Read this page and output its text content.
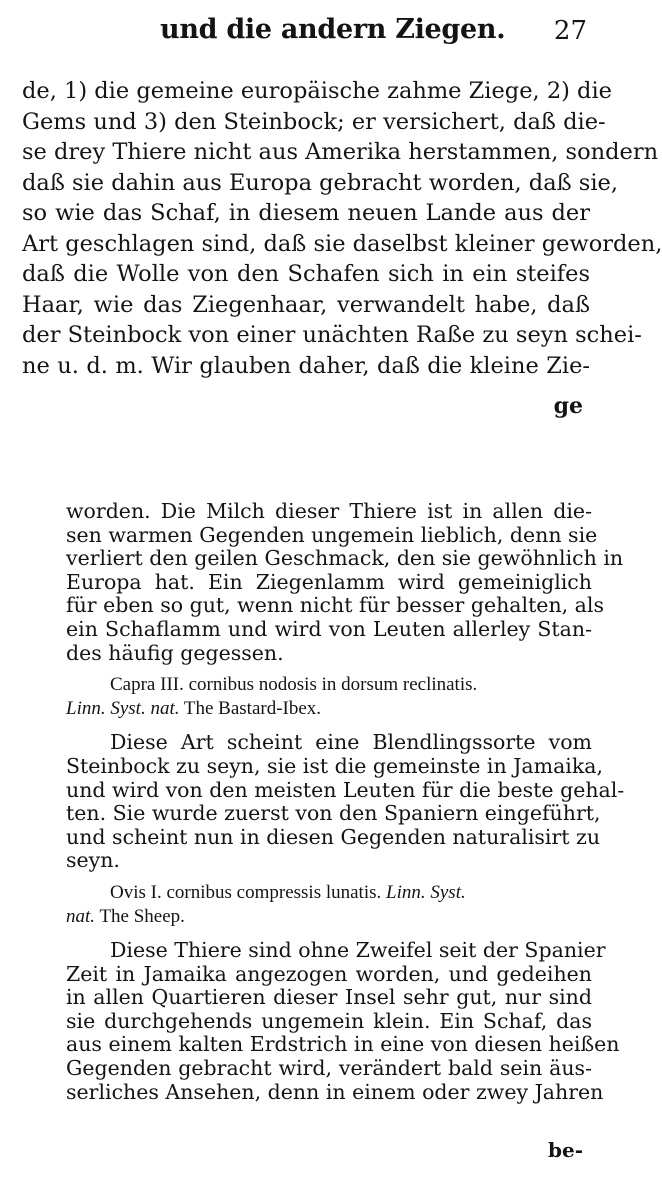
und die andern Ziegen. 27
de, 1) die gemeine europäische zahme Ziege, 2) die
Gems und 3) den Steinbock; er versichert, daß die-
se drey Thiere nicht aus Amerika herstammen, sondern
daß sie dahin aus Europa gebracht worden, daß sie,
so wie das Schaf, in diesem neuen Lande aus der
Art geschlagen sind, daß sie daselbst kleiner geworden,
daß die Wolle von den Schafen sich in ein steifes
Haar, wie das Ziegenhaar, verwandelt habe, daß
der Steinbock von einer unächten Raße zu seyn schei-
ne u. d. m. Wir glauben daher, daß die kleine Zie-
ge
worden. Die Milch dieser Thiere ist in allen die-
sen warmen Gegenden ungemein lieblich, denn sie
verliert den geilen Geschmack, den sie gewöhnlich in
Europa hat. Ein Ziegenlamm wird gemeiniglich
für eben so gut, wenn nicht für besser gehalten, als
ein Schaflamm und wird von Leuten allerley Stan-
des häufig gegessen.
Capra III. cornibus nodosis in dorsum reclinatis.
Linn. Syst. nat. The Bastard-Ibex.
Diese Art scheint eine Blendlingssorte vom
Steinbock zu seyn, sie ist die gemeinste in Jamaika,
und wird von den meisten Leuten für die beste gehal-
ten. Sie wurde zuerst von den Spaniern eingeführt,
und scheint nun in diesen Gegenden naturalisirt zu
seyn.
Ovis I. cornibus compressis lunatis. Linn. Syst.
nat. The Sheep.
Diese Thiere sind ohne Zweifel seit der Spanier
Zeit in Jamaika angezogen worden, und gedeihen
in allen Quartieren dieser Insel sehr gut, nur sind
sie durchgehends ungemein klein. Ein Schaf, das
aus einem kalten Erdstrich in eine von diesen heißen
Gegenden gebracht wird, verändert bald sein äus-
serliches Ansehen, denn in einem oder zwey Jahren
be-
